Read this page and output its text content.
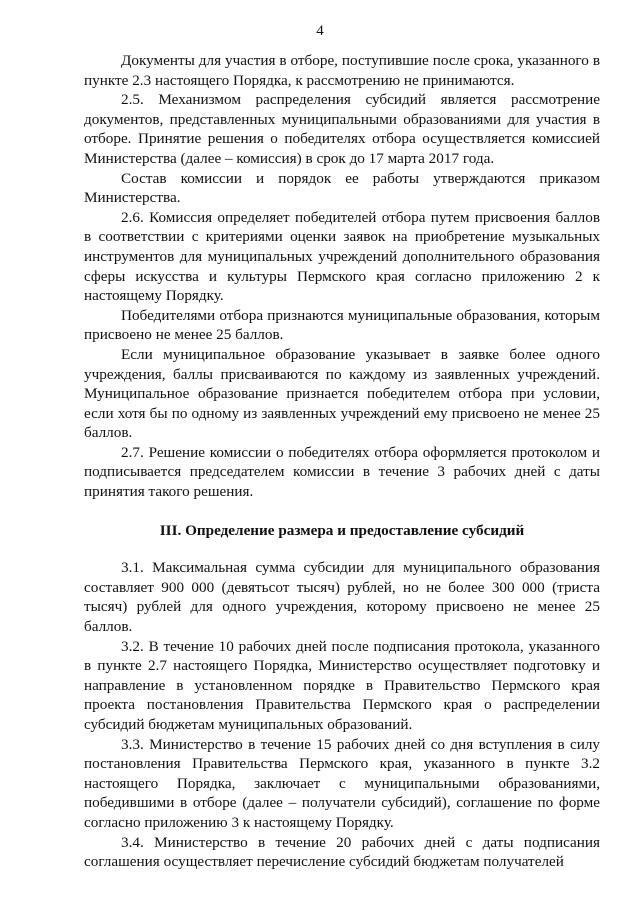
4

Документы для участия в отборе, поступившие после срока, указанного в пункте 2.3 настоящего Порядка, к рассмотрению не принимаются.

2.5. Механизмом распределения субсидий является рассмотрение документов, представленных муниципальными образованиями для участия в отборе. Принятие решения о победителях отбора осуществляется комиссией Министерства (далее – комиссия) в срок до 17 марта 2017 года.

Состав комиссии и порядок ее работы утверждаются приказом Министерства.

2.6. Комиссия определяет победителей отбора путем присвоения баллов в соответствии с критериями оценки заявок на приобретение музыкальных инструментов для муниципальных учреждений дополнительного образования сферы искусства и культуры Пермского края согласно приложению 2 к настоящему Порядку.

Победителями отбора признаются муниципальные образования, которым присвоено не менее 25 баллов.

Если муниципальное образование указывает в заявке более одного учреждения, баллы присваиваются по каждому из заявленных учреждений. Муниципальное образование признается победителем отбора при условии, если хотя бы по одному из заявленных учреждений ему присвоено не менее 25 баллов.

2.7. Решение комиссии о победителях отбора оформляется протоколом и подписывается председателем комиссии в течение 3 рабочих дней с даты принятия такого решения.

III. Определение размера и предоставление субсидий

3.1. Максимальная сумма субсидии для муниципального образования составляет 900 000 (девятьсот тысяч) рублей, но не более 300 000 (триста тысяч) рублей для одного учреждения, которому присвоено не менее 25 баллов.

3.2. В течение 10 рабочих дней после подписания протокола, указанного в пункте 2.7 настоящего Порядка, Министерство осуществляет подготовку и направление в установленном порядке в Правительство Пермского края проекта постановления Правительства Пермского края о распределении субсидий бюджетам муниципальных образований.

3.3. Министерство в течение 15 рабочих дней со дня вступления в силу постановления Правительства Пермского края, указанного в пункте 3.2 настоящего Порядка, заключает с муниципальными образованиями, победившими в отборе (далее – получатели субсидий), соглашение по форме согласно приложению 3 к настоящему Порядку.

3.4. Министерство в течение 20 рабочих дней с даты подписания соглашения осуществляет перечисление субсидий бюджетам получателей
